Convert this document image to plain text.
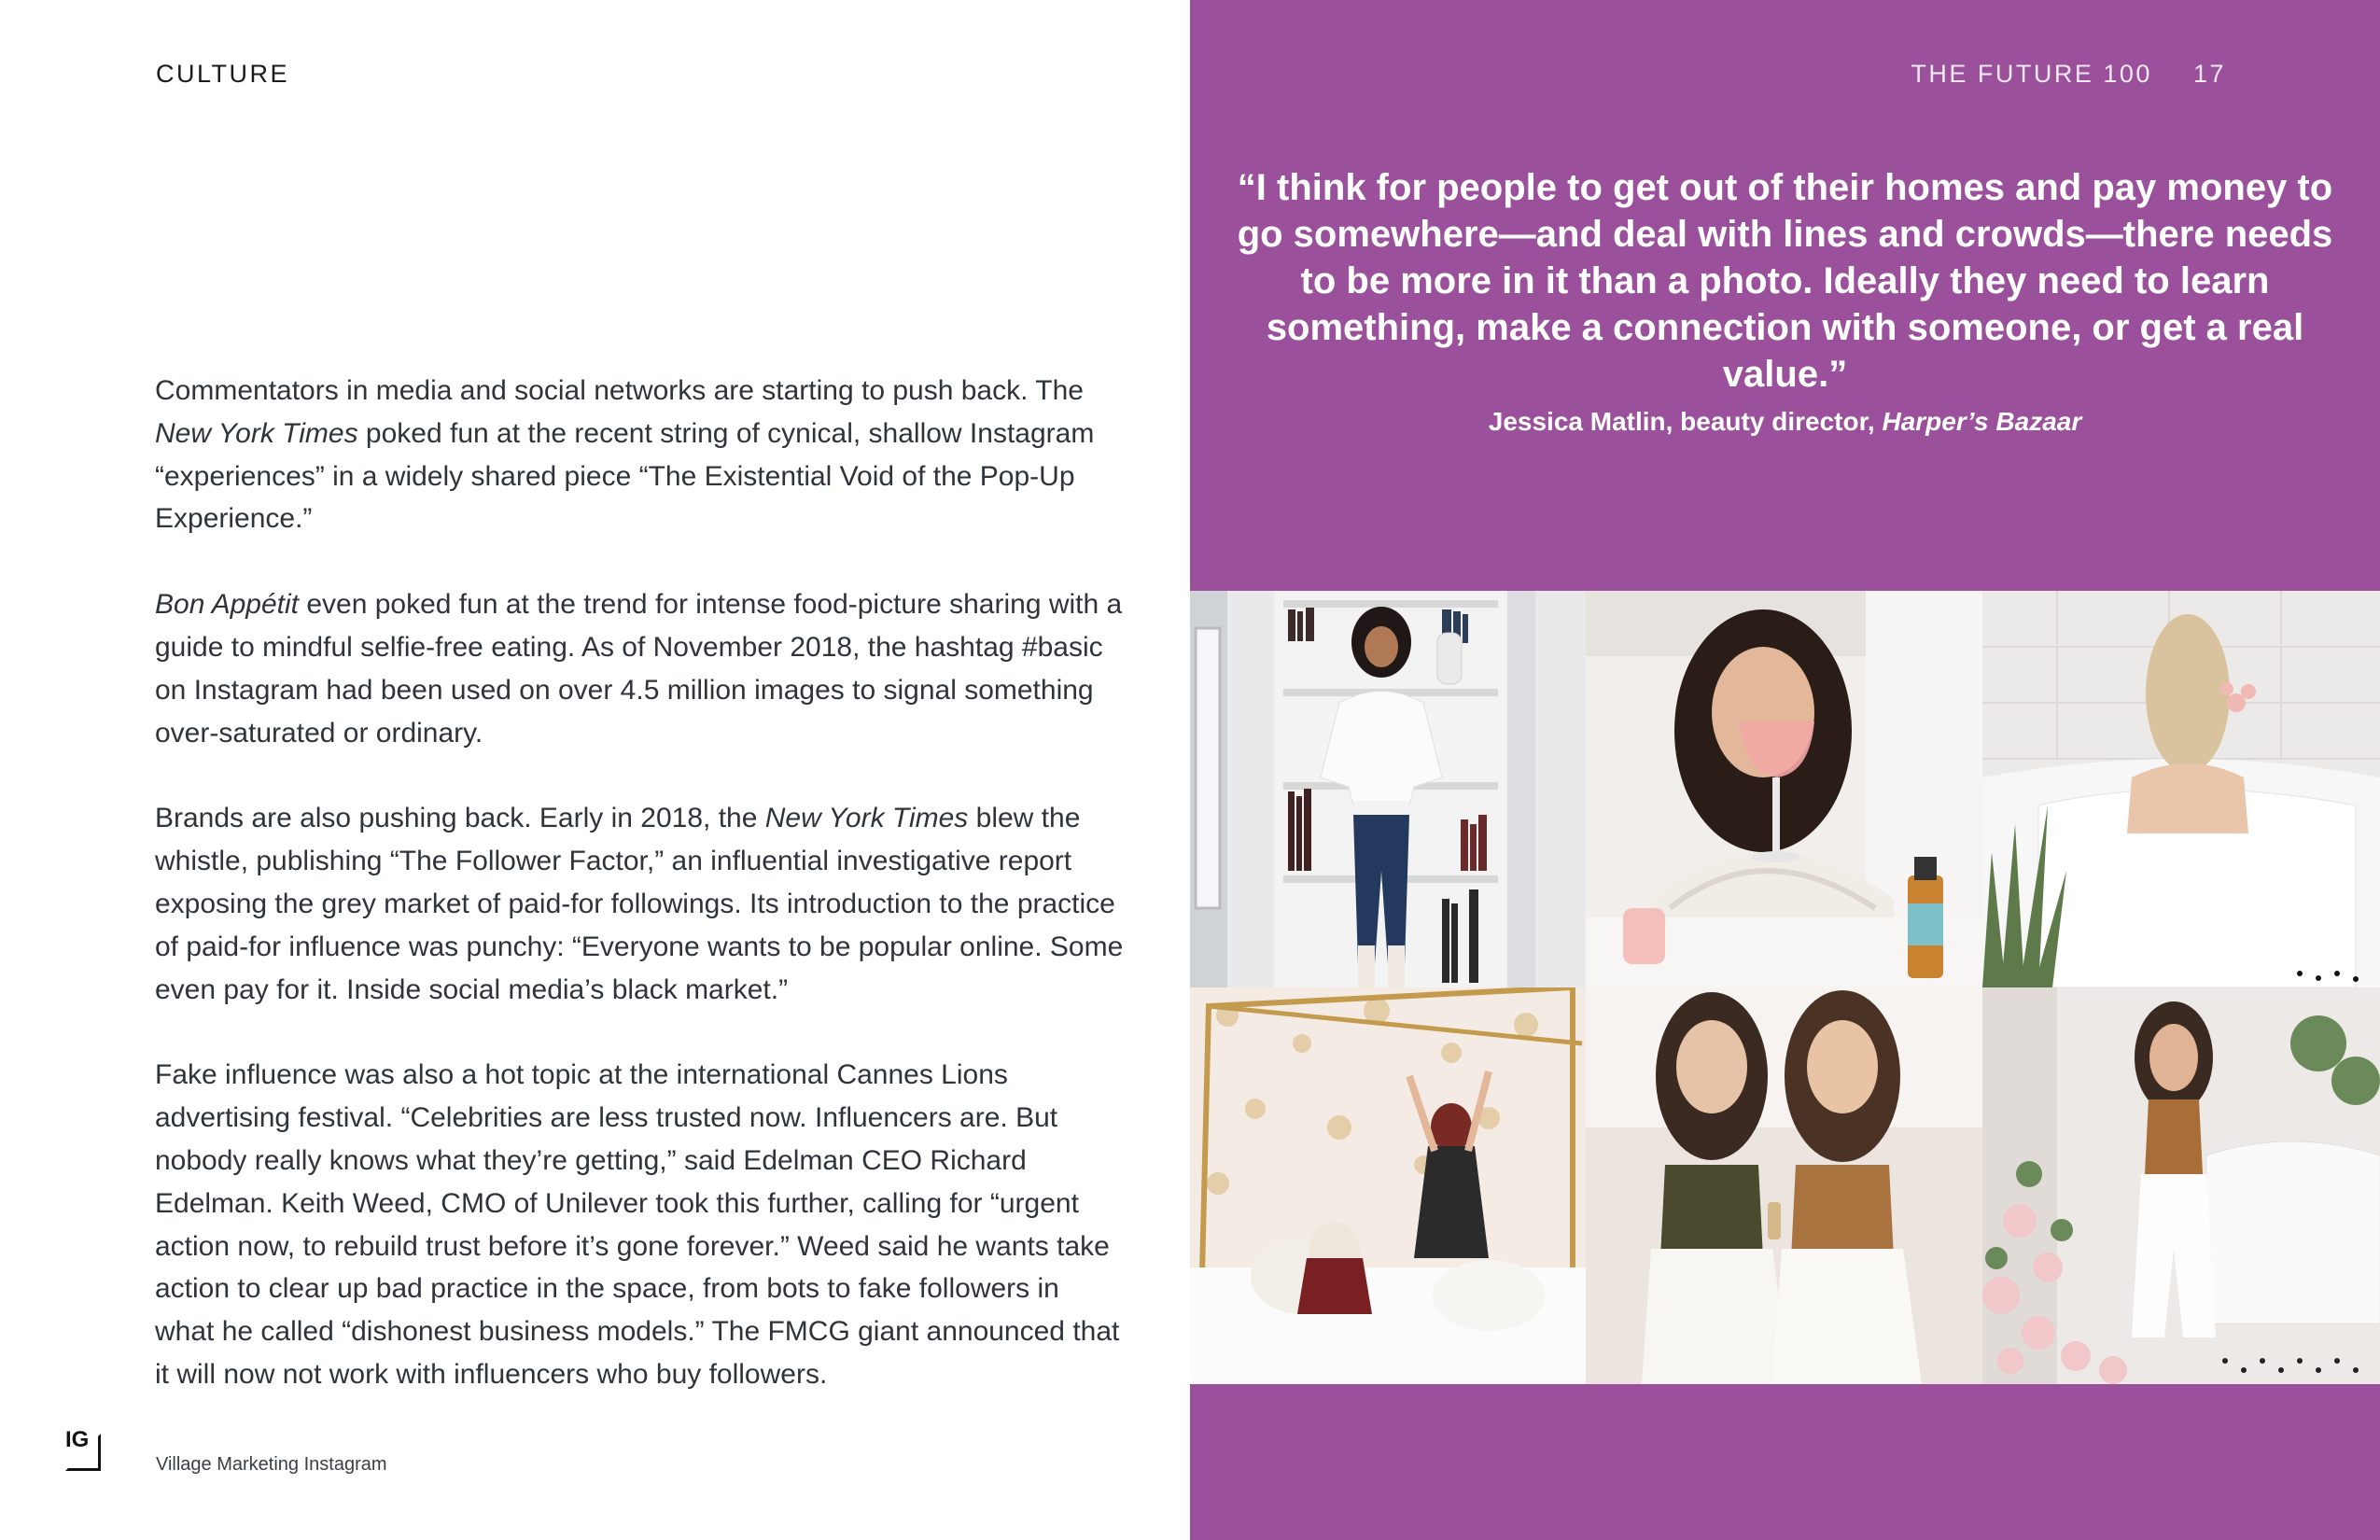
CULTURE

Commentators in media and social networks are starting to push back. The New York Times poked fun at the recent string of cynical, shallow Instagram “experiences” in a widely shared piece “The Existential Void of the Pop-Up Experience.”

Bon Appétit even poked fun at the trend for intense food-picture sharing with a guide to mindful selfie-free eating. As of November 2018, the hashtag #basic on Instagram had been used on over 4.5 million images to signal something over-saturated or ordinary.

Brands are also pushing back. Early in 2018, the New York Times blew the whistle, publishing “The Follower Factor,” an influential investigative report exposing the grey market of paid-for followings. Its introduction to the practice of paid-for influence was punchy: “Everyone wants to be popular online. Some even pay for it. Inside social media’s black market.”

Fake influence was also a hot topic at the international Cannes Lions advertising festival. “Celebrities are less trusted now. Influencers are. But nobody really knows what they’re getting,” said Edelman CEO Richard Edelman. Keith Weed, CMO of Unilever took this further, calling for “urgent action now, to rebuild trust before it’s gone forever.” Weed said he wants take action to clear up bad practice in the space, from bots to fake followers in what he called “dishonest business models.” The FMCG giant announced that it will now not work with influencers who buy followers.

IG
Village Marketing Instagram
THE FUTURE 100 17

“I think for people to get out of their homes and pay money to go somewhere—and deal with lines and crowds—there needs to be more in it than a photo. Ideally they need to learn something, make a connection with someone, or get a real value.”

Jessica Matlin, beauty director, Harper’s Bazaar
